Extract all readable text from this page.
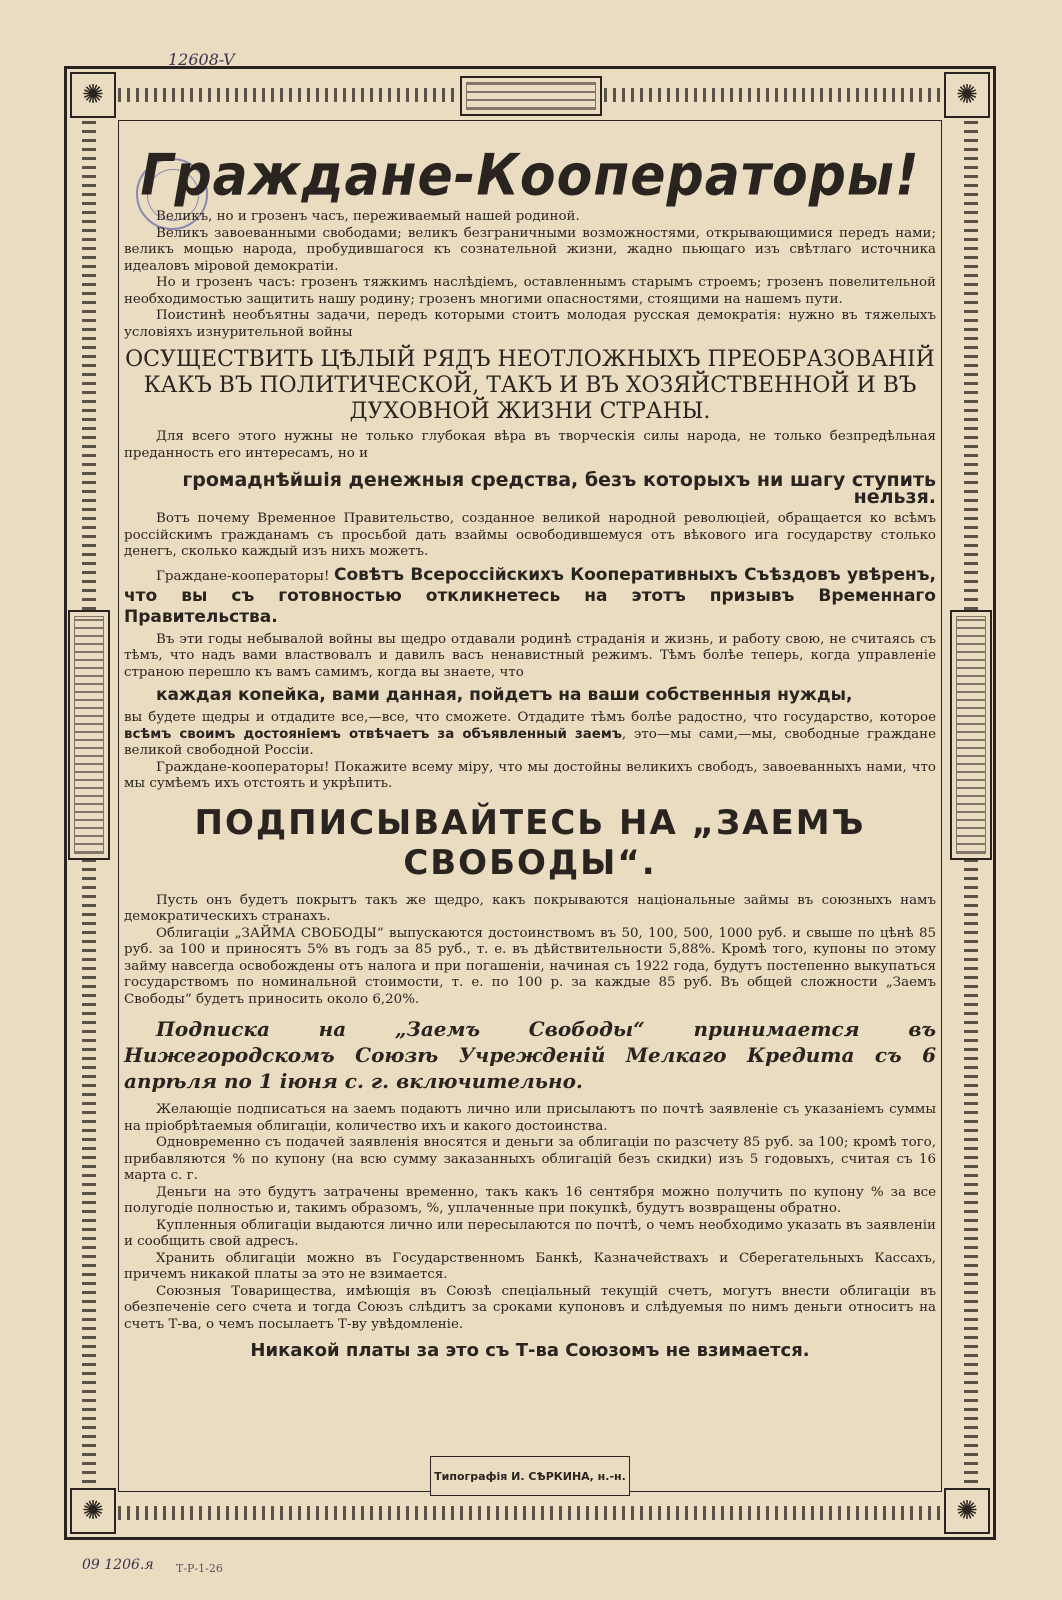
12608-V
✺	✺
✺	✺
Граждане-Кооператоры!

Великъ, но и грозенъ часъ, переживаемый нашей родиной.

Великъ завоеванными свободами; великъ безграничными возможностями, открывающимися передъ нами; великъ мощью народа, пробудившагося къ сознательной жизни, жадно пьющаго изъ свѣтлаго источника идеаловъ міровой демократіи.

Но и грозенъ часъ: грозенъ тяжкимъ наслѣдіемъ, оставленнымъ старымъ строемъ; грозенъ повелительной необходимостью защитить нашу родину; грозенъ многими опасностями, стоящими на нашемъ пути.

Поистинѣ необъятны задачи, передъ которыми стоитъ молодая русская демократія: нужно въ тяжелыхъ условіяхъ изнурительной войны

ОСУЩЕСТВИТЬ ЦѢЛЫЙ РЯДЪ НЕОТЛОЖНЫХЪ ПРЕОБРАЗОВАНІЙ КАКЪ ВЪ ПОЛИТИЧЕСКОЙ, ТАКЪ И ВЪ ХОЗЯЙСТВЕННОЙ И ВЪ ДУХОВНОЙ ЖИЗНИ СТРАНЫ.

Для всего этого нужны не только глубокая вѣра въ творческія силы народа, не только безпредѣльная преданность его интересамъ, но и

громаднѣйшія денежныя средства, безъ которыхъ ни шагу ступить нельзя.

Вотъ почему Временное Правительство, созданное великой народной революціей, обращается ко всѣмъ россійскимъ гражданамъ съ просьбой дать взаймы освободившемуся отъ вѣкового ига государству столько денегъ, сколько каждый изъ нихъ можетъ.

Граждане-кооператоры! Совѣтъ Всероссійскихъ Кооперативныхъ Съѣздовъ увѣренъ, что вы съ готовностью откликнетесь на этотъ призывъ Временнаго Правительства.

Въ эти годы небывалой войны вы щедро отдавали родинѣ страданія и жизнь, и работу свою, не считаясь съ тѣмъ, что надъ вами властвовалъ и давилъ васъ ненавистный режимъ. Тѣмъ болѣе теперь, когда управленіе страною перешло къ вамъ самимъ, когда вы знаете, что

каждая копейка, вами данная, пойдетъ на ваши собственныя нужды,

вы будете щедры и отдадите все,—все, что сможете. Отдадите тѣмъ болѣе радостно, что государство, которое всѣмъ своимъ достояніемъ отвѣчаетъ за объявленный заемъ, это—мы сами,—мы, свободные граждане великой свободной Россіи.

Граждане-кооператоры! Покажите всему міру, что мы достойны великихъ свободъ, завоеванныхъ нами, что мы сумѣемъ ихъ отстоять и укрѣпить.

ПОДПИСЫВАЙТЕСЬ НА „ЗАЕМЪ СВОБОДЫ“.

Пусть онъ будетъ покрытъ такъ же щедро, какъ покрываются національные займы въ союзныхъ намъ демократическихъ странахъ.

Облигаціи „ЗАЙМА СВОБОДЫ“ выпускаются достоинствомъ въ 50, 100, 500, 1000 руб. и свыше по цѣнѣ 85 руб. за 100 и приносятъ 5% въ годъ за 85 руб., т. е. въ дѣйствительности 5,88%. Кромѣ того, купоны по этому займу навсегда освобождены отъ налога и при погашеніи, начиная съ 1922 года, будутъ постепенно выкупаться государствомъ по номинальной стоимости, т. е. по 100 р. за каждые 85 руб. Въ общей сложности „Заемъ Свободы“ будетъ приносить около 6,20%.

Подписка на „Заемъ Свободы“ принимается въ Нижегородскомъ Союзѣ Учрежденій Мелкаго Кредита съ 6 апрѣля по 1 іюня с. г. включительно.

Желающіе подписаться на заемъ подаютъ лично или присылаютъ по почтѣ заявленіе съ указаніемъ суммы на пріобрѣтаемыя облигаціи, количество ихъ и какого достоинства.

Одновременно съ подачей заявленія вносятся и деньги за облигаціи по разсчету 85 руб. за 100; кромѣ того, прибавляются % по купону (на всю сумму заказанныхъ облигацій безъ скидки) изъ 5 годовыхъ, считая съ 16 марта с. г.

Деньги на это будутъ затрачены временно, такъ какъ 16 сентября можно получить по купону % за все полугодіе полностью и, такимъ образомъ, %, уплаченные при покупкѣ, будутъ возвращены обратно.

Купленныя облигаціи выдаются лично или пересылаются по почтѣ, о чемъ необходимо указать въ заявленіи и сообщить свой адресъ.

Хранить облигаціи можно въ Государственномъ Банкѣ, Казначействахъ и Сберегательныхъ Кассахъ, причемъ никакой платы за это не взимается.

Союзныя Товарищества, имѣющія въ Союзѣ спеціальный текущій счетъ, могутъ внести облигаціи въ обезпеченіе сего счета и тогда Союзъ слѣдитъ за сроками купоновъ и слѣдуемыя по нимъ деньги относитъ на счетъ Т-ва, о чемъ посылаетъ Т-ву увѣдомленіе.

Никакой платы за это съ Т-ва Союзомъ не взимается.

Типографія И. СѢРКИНА, н.-н.
09 1206.я Т-Р-1-26
